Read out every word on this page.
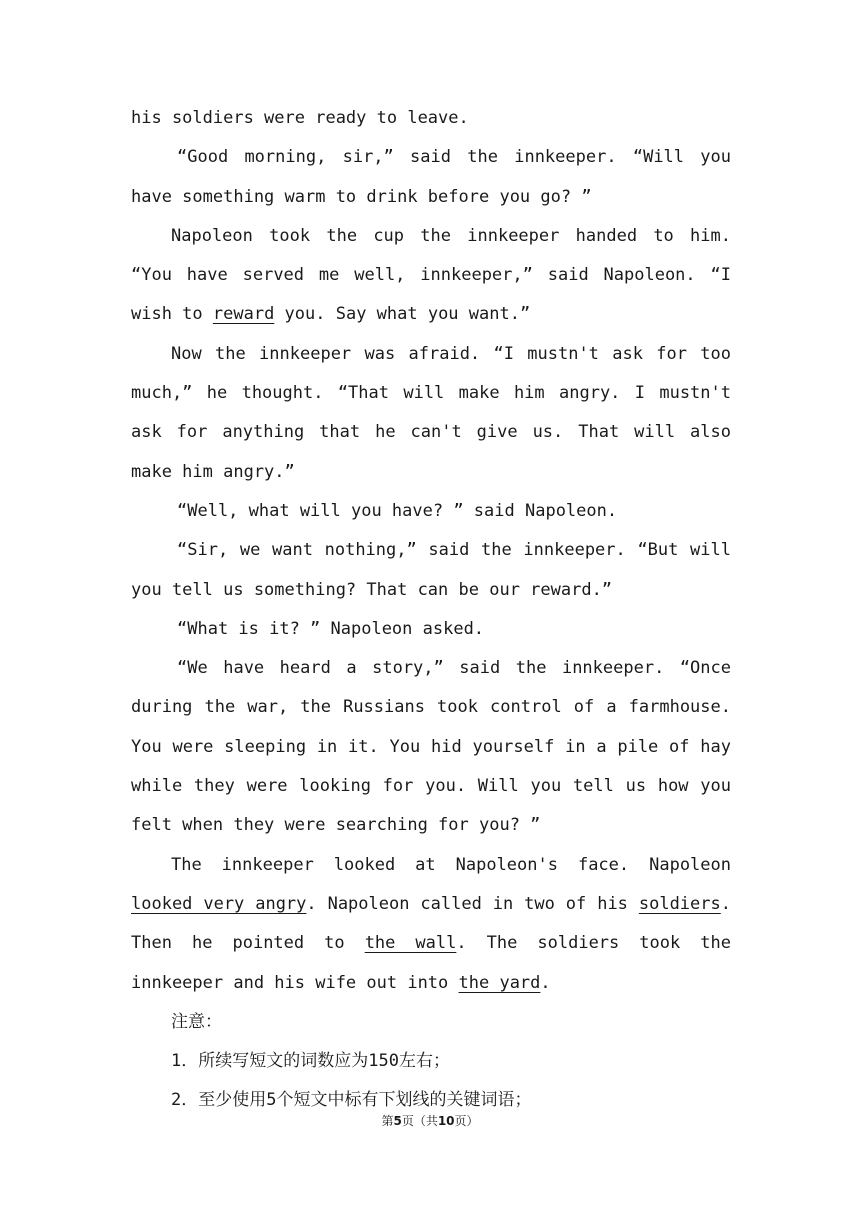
his soldiers were ready to leave.

“Good morning, sir,” said the innkeeper. “Will you have something warm to drink before you go? ”

Napoleon took the cup the innkeeper handed to him. “You have served me well, innkeeper,” said Napoleon. “I wish to reward you. Say what you want.”

Now the innkeeper was afraid. “I mustn't ask for too much,” he thought. “That will make him angry. I mustn't ask for anything that he can't give us. That will also make him angry.”

“Well, what will you have? ” said Napoleon.

“Sir, we want nothing,” said the innkeeper. “But will you tell us something? That can be our reward.”

“What is it? ” Napoleon asked.

“We have heard a story,” said the innkeeper. “Once during the war, the Russians took control of a farmhouse. You were sleeping in it. You hid yourself in a pile of hay while they were looking for you. Will you tell us how you felt when they were searching for you? ”

The innkeeper looked at Napoleon's face. Napoleon looked very angry. Napoleon called in two of his soldiers. Then he pointed to the wall. The soldiers took the innkeeper and his wife out into the yard.

注意：

1．所续写短文的词数应为150左右；

2．至少使用5个短文中标有下划线的关键词语；

第5页（共10页）
